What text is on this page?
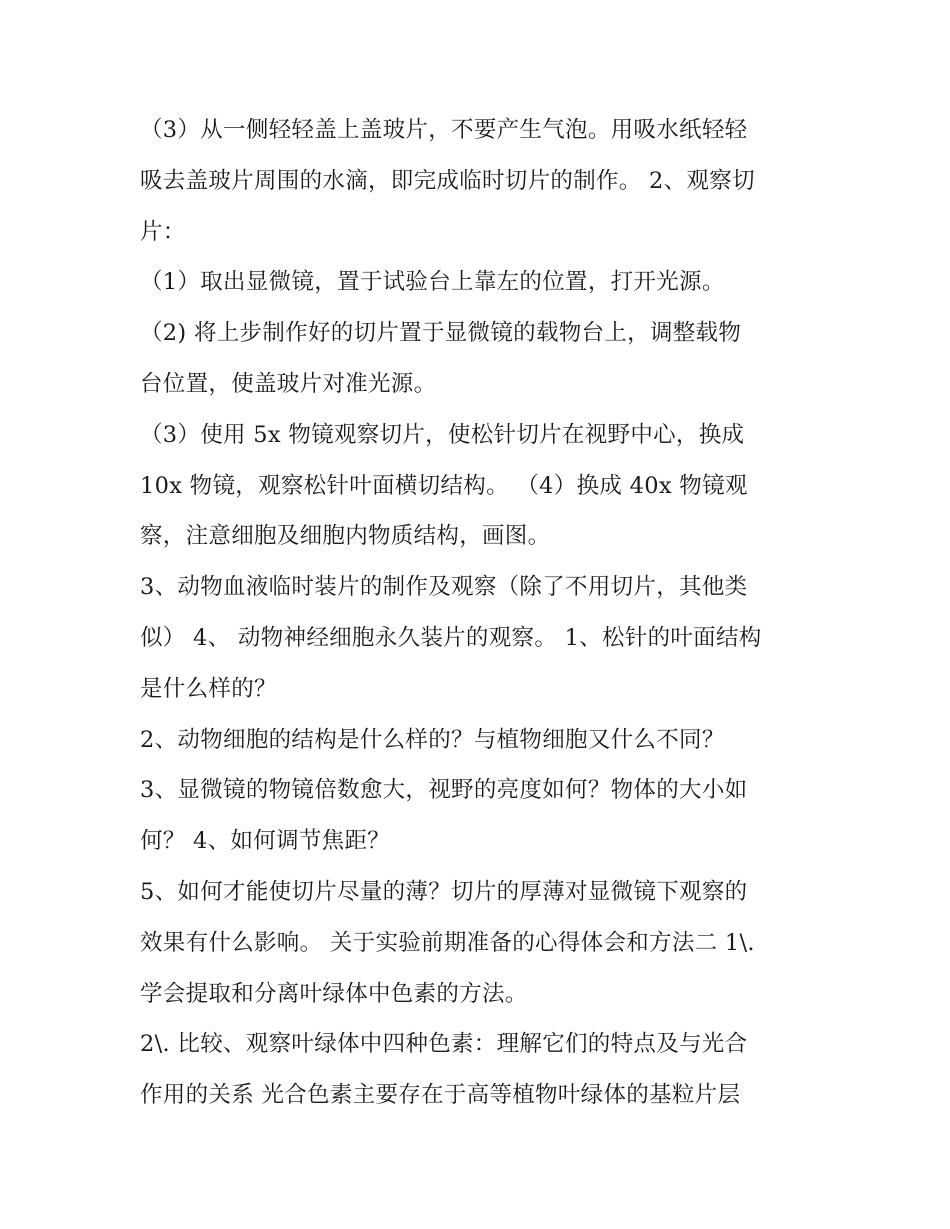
（3）从一侧轻轻盖上盖玻片，不要产生气泡。用吸水纸轻轻
吸去盖玻片周围的水滴，即完成临时切片的制作。 2、观察切
片：
（1）取出显微镜，置于试验台上靠左的位置，打开光源。
（2) 将上步制作好的切片置于显微镜的载物台上，调整载物
台位置，使盖玻片对准光源。
（3）使用 5x 物镜观察切片，使松针切片在视野中心，换成
10x 物镜，观察松针叶面横切结构。 （4）换成 40x 物镜观
察，注意细胞及细胞内物质结构，画图。
3、动物血液临时装片的制作及观察（除了不用切片，其他类
似） 4、 动物神经细胞永久装片的观察。 1、松针的叶面结构
是什么样的？
2、动物细胞的结构是什么样的？与植物细胞又什么不同？
3、显微镜的物镜倍数愈大，视野的亮度如何？物体的大小如
何？ 4、如何调节焦距？
5、如何才能使切片尽量的薄？切片的厚薄对显微镜下观察的
效果有什么影响。 关于实验前期准备的心得体会和方法二 1\.
学会提取和分离叶绿体中色素的方法。
2\. 比较、观察叶绿体中四种色素：理解它们的特点及与光合
作用的关系 光合色素主要存在于高等植物叶绿体的基粒片层
